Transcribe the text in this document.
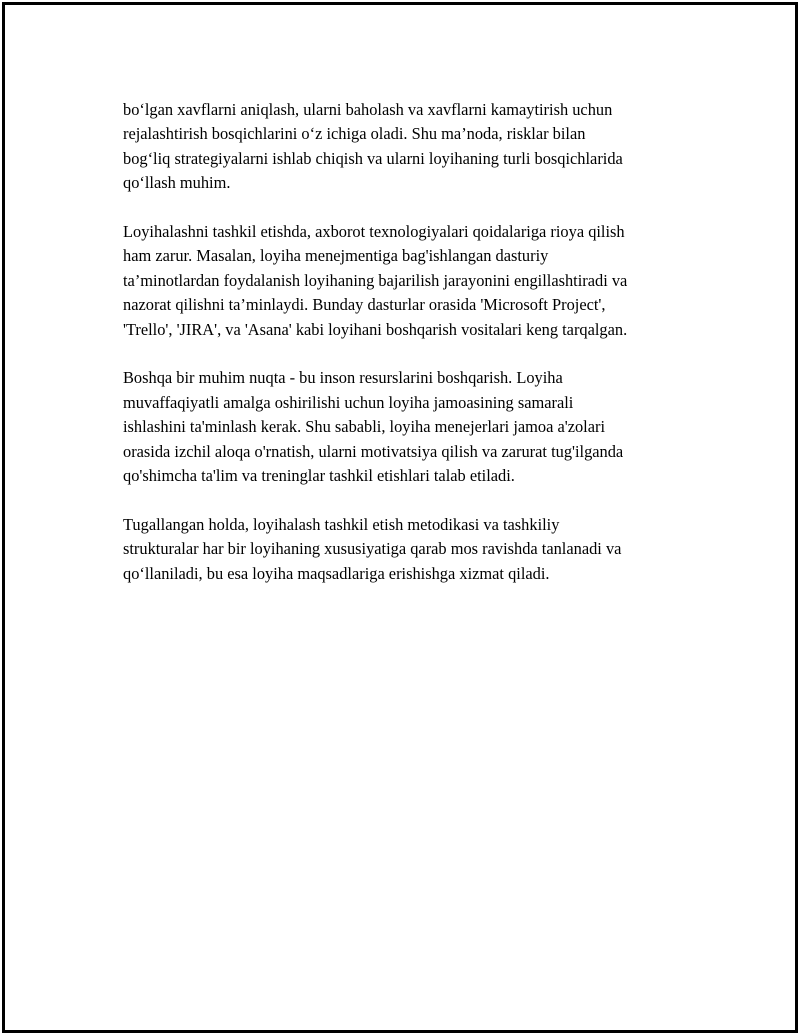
bo‘lgan xavflarni aniqlash, ularni baholash va xavflarni kamaytirish uchun
rejalashtirish bosqichlarini o‘z ichiga oladi. Shu ma’noda, risklar bilan
bog‘liq strategiyalarni ishlab chiqish va ularni loyihaning turli bosqichlarida
qo‘llash muhim.

Loyihalashni tashkil etishda, axborot texnologiyalari qoidalariga rioya qilish
ham zarur. Masalan, loyiha menejmentiga bag'ishlangan dasturiy
ta’minotlardan foydalanish loyihaning bajarilish jarayonini engillashtiradi va
nazorat qilishni ta’minlaydi. Bunday dasturlar orasida 'Microsoft Project',
'Trello', 'JIRA', va 'Asana' kabi loyihani boshqarish vositalari keng tarqalgan.

Boshqa bir muhim nuqta - bu inson resurslarini boshqarish. Loyiha
muvaffaqiyatli amalga oshirilishi uchun loyiha jamoasining samarali
ishlashini ta'minlash kerak. Shu sababli, loyiha menejerlari jamoa a'zolari
orasida izchil aloqa o'rnatish, ularni motivatsiya qilish va zarurat tug'ilganda
qo'shimcha ta'lim va treninglar tashkil etishlari talab etiladi.

Tugallangan holda, loyihalash tashkil etish metodikasi va tashkiliy
strukturalar har bir loyihaning xususiyatiga qarab mos ravishda tanlanadi va
qo‘llaniladi, bu esa loyiha maqsadlariga erishishga xizmat qiladi.
